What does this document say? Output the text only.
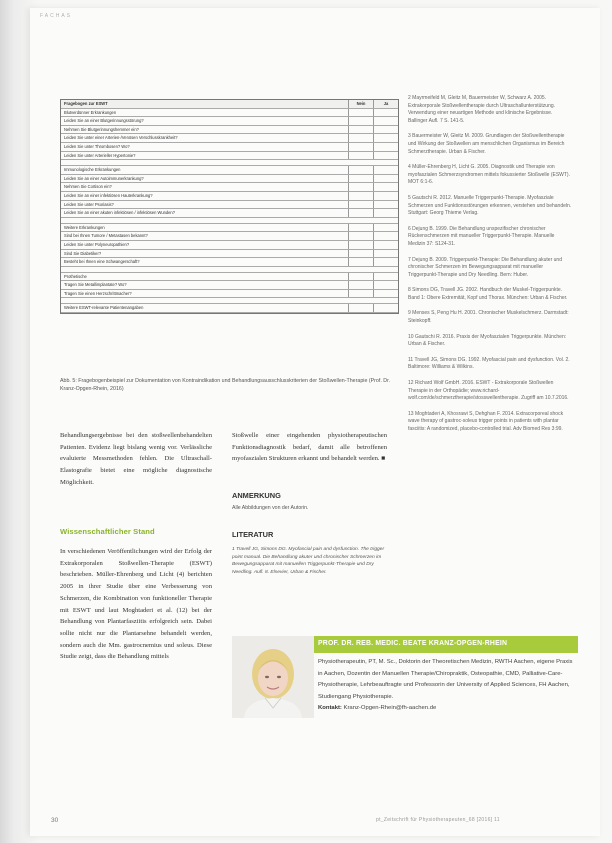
FACHAS
Fragebogen zur ESWT	Nein	Ja
Blutverdünner Erkrankungen
Leiden Sie an einer Blutgerinnungsstörung?
Nehmen Sie Blutgerinnungshemmer ein?
Leiden Sie unter einer Arterien-/Venösen Verschlusskrankheit?
Leiden Sie unter Thrombosen? Wo?
Leiden Sie unter Arterieller Hypertonie?
Immunologische Erkrankungen
Leiden Sie an einer Autoimmunerkrankung?
Nehmen Sie Cortison ein?
Leiden Sie an einer infektiösen Hauterkrankung?
Leiden Sie unter Psoriasis?
Leiden Sie an einer akuten infektiösen / infektiösen Wunden?
Weitere Erkrankungen
Sind bei Ihnen Tumore / Metastasen bekannt?
Leiden Sie unter Polyneuropathien?
Sind Sie Diabetiker?
Besteht bei Ihnen eine Schwangerschaft?
Prothetische
Tragen Sie Metallimplantate? Wo?
Tragen Sie einen Herzschrittmacher?
Weitere ESWT-relevante Patientenangaben
Abb. 5: Fragebogenbeispiel zur Dokumentation von Kontraindikation und Behandlungsausschlusskriterien der Stoßwellen-Therapie (Prof. Dr. Kranz-Opgen-Rhein, 2016)

Behandlungsergebnisse bei den stoßwellenbehandelten Patienten. Evidenz liegt bislang wenig vor. Verlässliche evaluierte Messmethoden fehlen. Die Ultraschall-Elastografie bietet eine mögliche diagnostische Möglichkeit.

Stoßwelle einer eingehenden physiotherapeutischen Funktionsdiagnostik bedarf, damit alle betroffenen myofaszialen Strukturen erkannt und behandelt werden. ■

Wissenschaftlicher Stand

In verschiedenen Veröffentlichungen wird der Erfolg der Extrakorporalen Stoßwellen-Therapie (ESWT) beschrieben. Müller-Ehrenberg und Licht (4) berichten 2005 in ihrer Studie über eine Verbesserung von Schmerzen, die Kombination von funktioneller Therapie mit ESWT und laut Moghtaderi et al. (12) bei der Behandlung von Plantarfasziitis erfolgreich sein. Dabei sollte nicht nur die Plantarsehne behandelt werden, sondern auch die Mm. gastrocnemius und soleus. Diese Studie zeigt, dass die Behandlung mittels

ANMERKUNG
Alle Abbildungen von der Autorin.
LITERATUR
1 Travell JG, Simons DG. Myofascial pain and dysfunction. The trigger point manual. Die Behandlung akuter und chronischer Schmerzen im Bewegungsapparat mit manuellen Triggerpunkt-Therapie und Dry Needling. Aufl. 8. Elsevier, Urban & Fischer.
2 Mayrmeifeld M, Gleitz M, Bauermeister W, Schwarz A. 2005. Extrakorporale Stoßwellentherapie durch Ultraschallunterstützung. Verwendung einer neuartigen Methode und klinische Ergebnisse. Ballinger Aufl. 7 S. 141-5.
3 Bauermeister W, Gleitz M. 2009. Grundlagen der Stoßwellentherapie und Wirkung der Stoßwellen am menschlichen Organismus im Bereich Schmerztherapie. Urban & Fischer.
4 Müller-Ehrenberg H, Licht G. 2005. Diagnostik und Therapie von myofaszialen Schmerzsyndromen mittels fokussierter Stoßwelle (ESWT). MOT 6:1-6.
5 Gautschi R. 2012. Manuelle Triggerpunkt-Therapie. Myofasziale Schmerzen und Funktionsstörungen erkennen, verstehen und behandeln. Stuttgart: Georg Thieme Verlag.
6 Dejung B. 1999. Die Behandlung unspezifischer chronischer Rückenschmerzen mit manueller Triggerpunkt-Therapie. Manuelle Medizin 37: S124-31.
7 Dejung B. 2009. Triggerpunkt-Therapie: Die Behandlung akuter und chronischer Schmerzen im Bewegungsapparat mit manueller Triggerpunkt-Therapie und Dry Needling. Bern: Huber.
8 Simons DG, Travell JG. 2002. Handbuch der Muskel-Triggerpunkte. Band 1: Obere Extremität, Kopf und Thorax. München: Urban & Fischer.
9 Menses S, Peng Hu H. 2001. Chronischer Muskelschmerz. Darmstadt: Steinkopff.
10 Gautschi R. 2016. Praxis der Myofaszialen Triggerpunkte. München: Urban & Fischer.
11 Travell JG, Simons DG. 1992. Myofascial pain and dysfunction. Vol. 2. Baltimore: Williams & Wilkins.
12 Richard Wolf GmbH. 2016. ESWT - Extrakorporale Stoßwellen Therapie in der Orthopädie; www.richard-wolf.com/de/schmerztherapie/stosswellentherapie. Zugriff am 10.7.2016.
13 Moghtaderi A, Khosrawi S, Dehghan F. 2014. Extracorporeal shock wave therapy of gastroc-soleus trigger points in patients with plantar fasciitis: A randomized, placebo-controlled trial. Adv Biomed Res 3:99.
PROF. DR. REB. MEDIC. BEATE KRANZ-OPGEN-RHEIN
Physiotherapeutin, PT, M. Sc., Doktorin der Theoretischen Medizin, RWTH Aachen, eigene Praxis in Aachen, Dozentin der Manuellen Therapie/Chiropraktik, Osteopathie, CMD, Palliative-Care-Physiotherapie, Lehrbeauftragte und Professorin der University of Applied Sciences, FH Aachen, Studiengang Physiotherapie.
Kontakt: Kranz-Opgen-Rhein@fh-aachen.de
30	pt_Zeitschrift für Physiotherapeuten_68 [2016] 11
